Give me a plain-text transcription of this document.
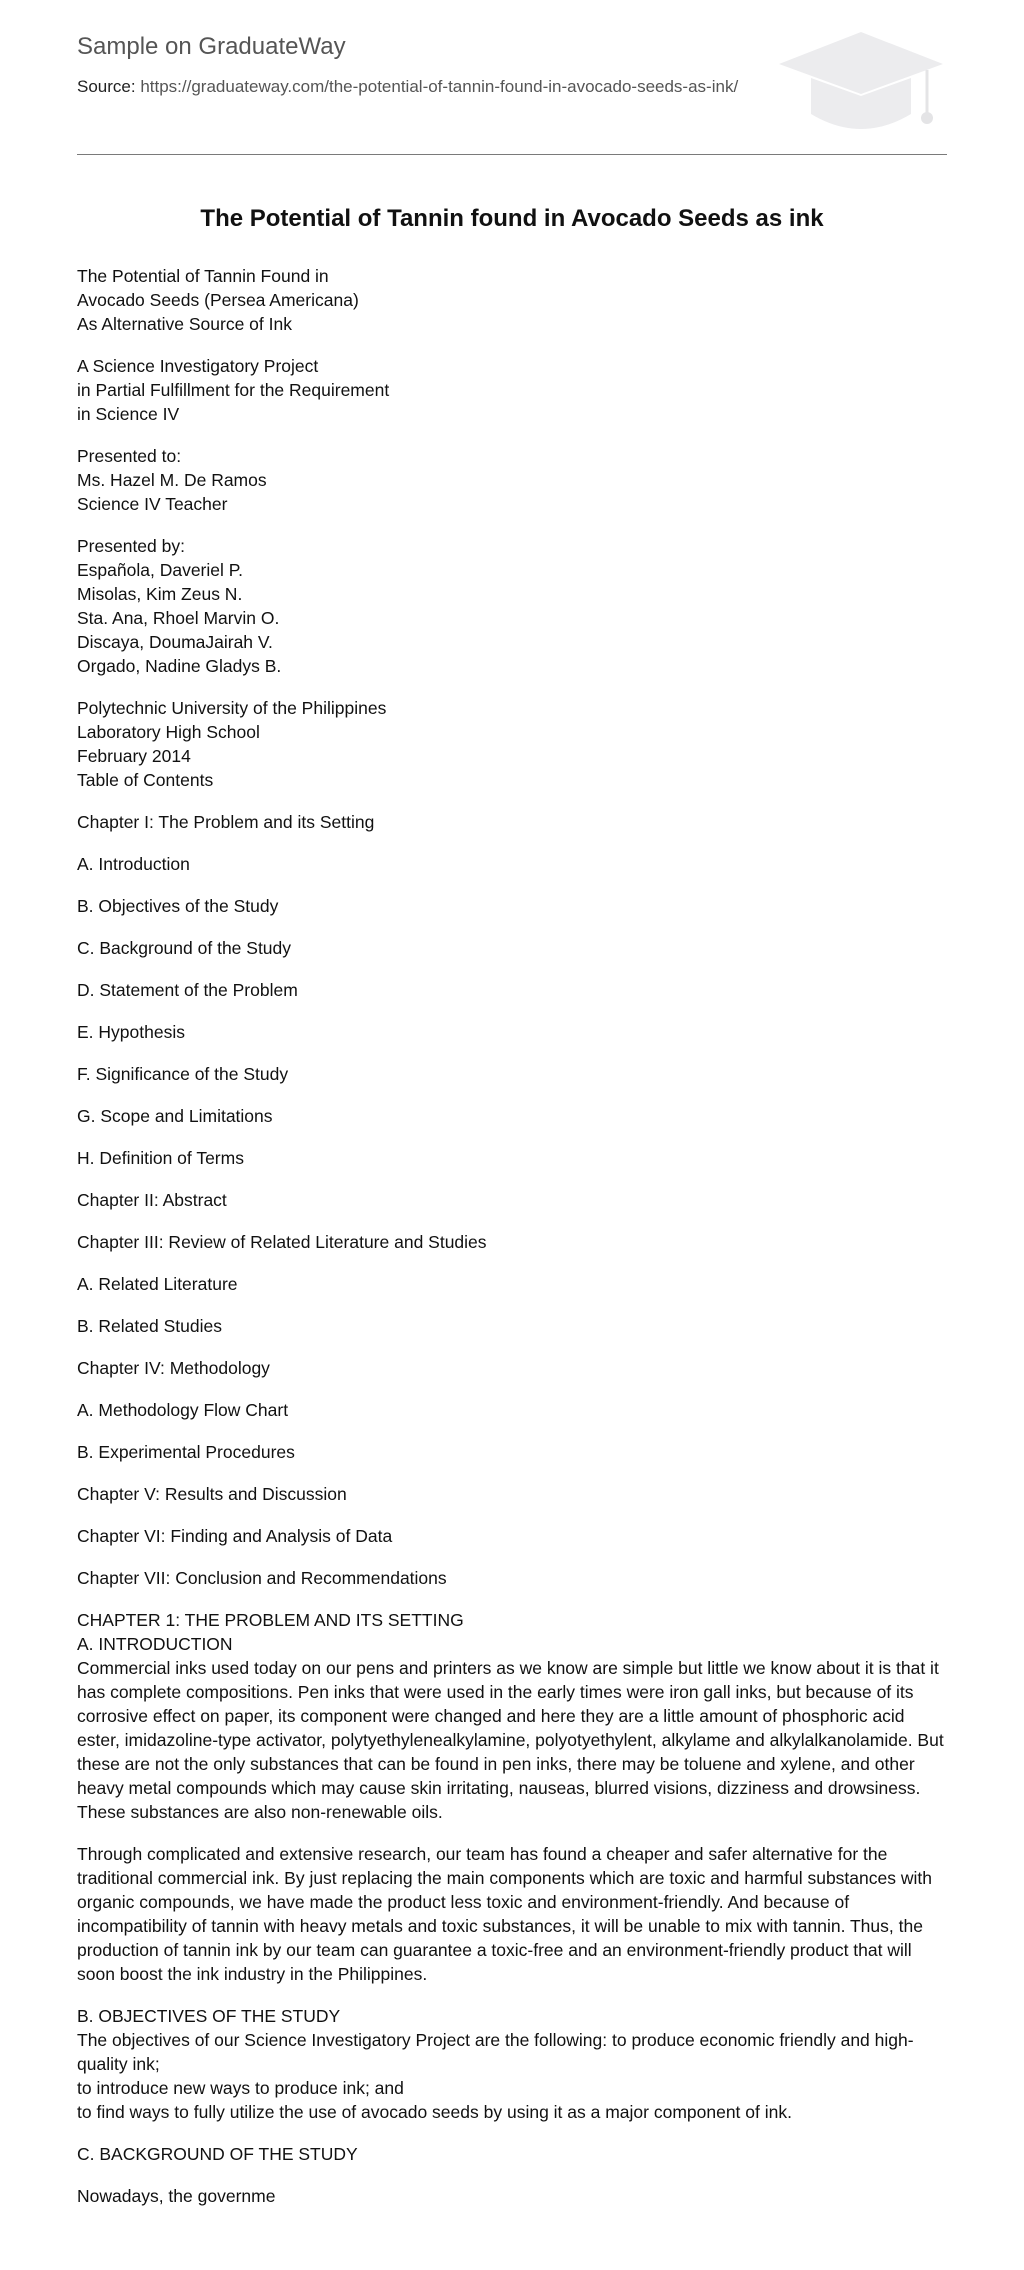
Sample on GraduateWay
Source: https://graduateway.com/the-potential-of-tannin-found-in-avocado-seeds-as-ink/
The Potential of Tannin found in Avocado Seeds as ink

The Potential of Tannin Found in
Avocado Seeds (Persea Americana)
As Alternative Source of Ink

A Science Investigatory Project
in Partial Fulfillment for the Requirement
in Science IV

Presented to:
Ms. Hazel M. De Ramos
Science IV Teacher

Presented by:
Española, Daveriel P.
Misolas, Kim Zeus N.
Sta. Ana, Rhoel Marvin O.
Discaya, DoumaJairah V.
Orgado, Nadine Gladys B.

Polytechnic University of the Philippines
Laboratory High School
February 2014
Table of Contents

Chapter I: The Problem and its Setting

A. Introduction

B. Objectives of the Study

C. Background of the Study

D. Statement of the Problem

E. Hypothesis

F. Significance of the Study

G. Scope and Limitations

H. Definition of Terms

Chapter II: Abstract

Chapter III: Review of Related Literature and Studies

A. Related Literature

B. Related Studies

Chapter IV: Methodology

A. Methodology Flow Chart

B. Experimental Procedures

Chapter V: Results and Discussion

Chapter VI: Finding and Analysis of Data

Chapter VII: Conclusion and Recommendations

CHAPTER 1: THE PROBLEM AND ITS SETTING
A. INTRODUCTION
Commercial inks used today on our pens and printers as we know are simple but little we know about it is that it has complete compositions. Pen inks that were used in the early times were iron gall inks, but because of its corrosive effect on paper, its component were changed and here they are a little amount of phosphoric acid ester, imidazoline-type activator, polytyethylenealkylamine, polyotyethylent, alkylame and alkylalkanolamide. But these are not the only substances that can be found in pen inks, there may be toluene and xylene, and other heavy metal compounds which may cause skin irritating, nauseas, blurred visions, dizziness and drowsiness. These substances are also non-renewable oils.

Through complicated and extensive research, our team has found a cheaper and safer alternative for the traditional commercial ink. By just replacing the main components which are toxic and harmful substances with organic compounds, we have made the product less toxic and environment-friendly. And because of incompatibility of tannin with heavy metals and toxic substances, it will be unable to mix with tannin. Thus, the production of tannin ink by our team can guarantee a toxic-free and an environment-friendly product that will soon boost the ink industry in the Philippines.

B. OBJECTIVES OF THE STUDY
The objectives of our Science Investigatory Project are the following: to produce economic friendly and high-quality ink;
to introduce new ways to produce ink; and
to find ways to fully utilize the use of avocado seeds by using it as a major component of ink.

C. BACKGROUND OF THE STUDY

Nowadays, the governme
